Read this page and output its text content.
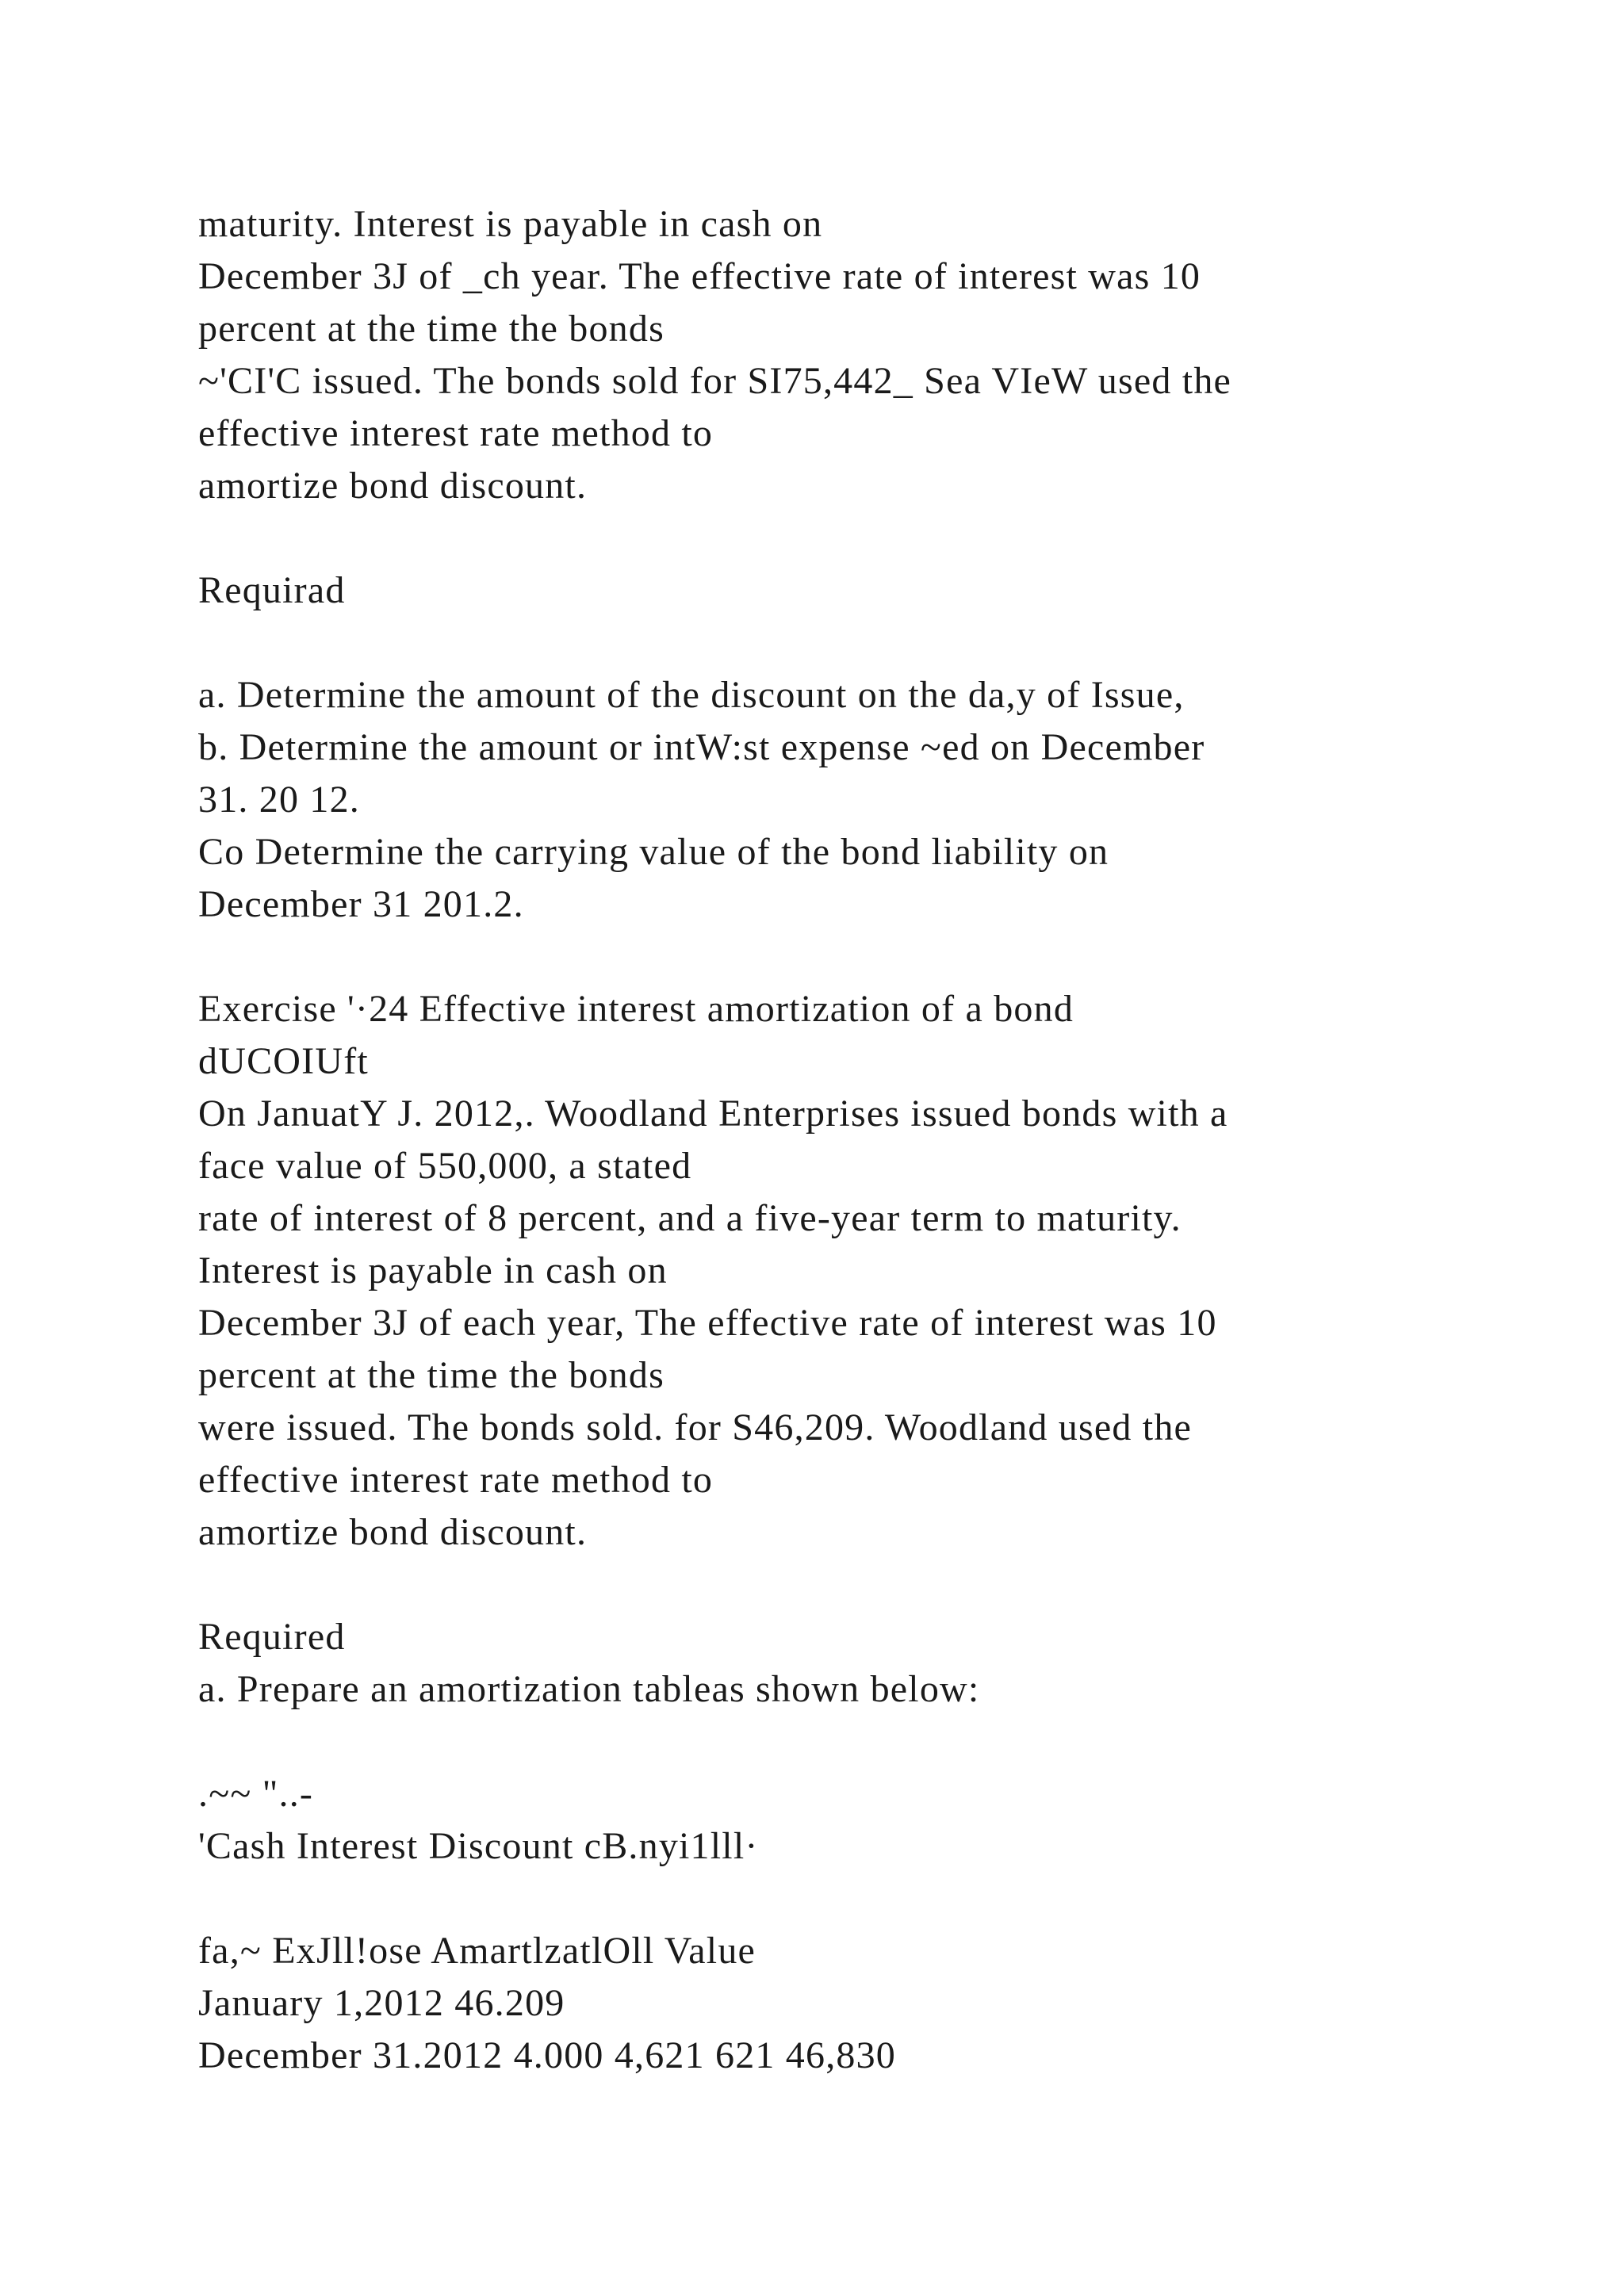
maturity. Interest is payable in cash on
December 3J of _ch year. The effective rate of interest was 10
percent at the time the bonds
~'CI'C issued. The bonds sold for SI75,442_ Sea VIeW used the
effective interest rate method to
amortize bond discount.
Requirad
a. Determine the amount of the discount on the da,y of Issue,
b. Determine the amount or intW:st expense ~ed on December
31. 20 12.
Co Determine the carrying value of the bond liability on
December 31 201.2.
Exercise '·24 Effective interest amortization of a bond
dUCOIUft
On JanuatY J. 2012,. Woodland Enterprises issued bonds with a
face value of 550,000, a stated
rate of interest of 8 percent, and a five-year term to maturity.
Interest is payable in cash on
December 3J of each year, The effective rate of interest was 10
percent at the time the bonds
were issued. The bonds sold. for S46,209. Woodland used the
effective interest rate method to
amortize bond discount.
Required
a. Prepare an amortization tableas shown below:
.~~ "..-
'Cash Interest Discount cB.nyi1lll·
fa,~ ExJll!ose AmartlzatlOll Value
January 1,2012 46.209
December 31.2012 4.000 4,621 621 46,830
